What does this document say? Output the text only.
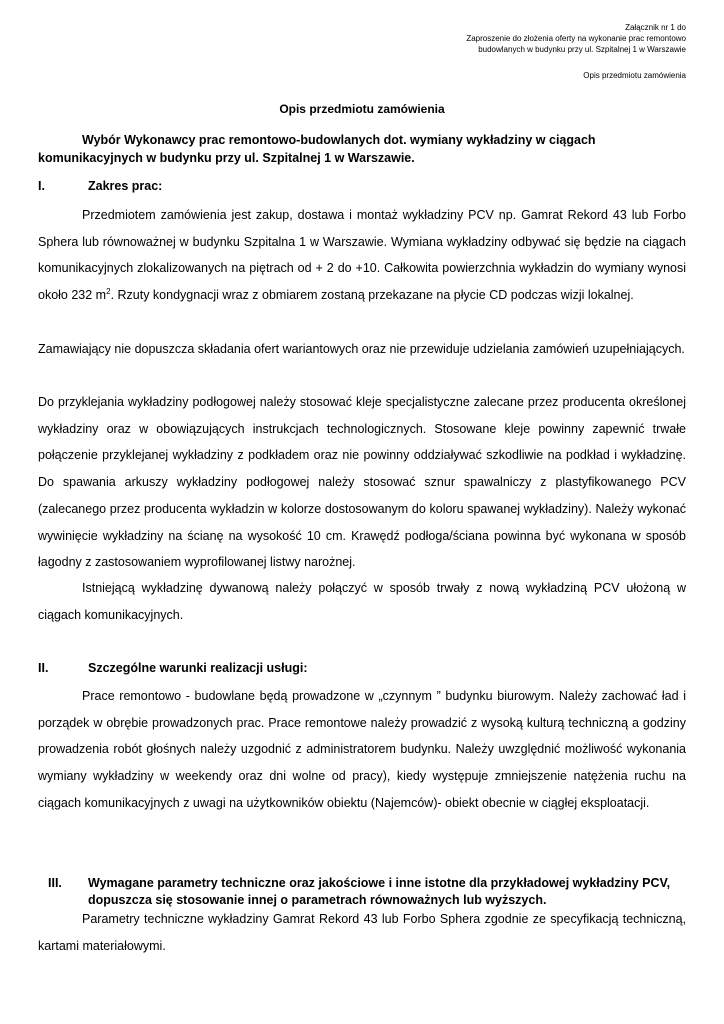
Załącznik nr 1 do
Zaproszenie do złożenia oferty na wykonanie prac remontowo
budowlanych w budynku przy ul. Szpitalnej 1 w Warszawie
Opis przedmiotu zamówienia
Opis przedmiotu zamówienia
Wybór Wykonawcy prac remontowo-budowlanych dot. wymiany wykładziny w ciągach komunikacyjnych w budynku przy ul. Szpitalnej 1 w Warszawie.
I.	Zakres prac:

Przedmiotem zamówienia jest zakup, dostawa i montaż wykładziny PCV np. Gamrat Rekord 43 lub Forbo Sphera lub równoważnej w budynku Szpitalna 1 w Warszawie. Wymiana wykładziny odbywać się będzie na ciągach komunikacyjnych zlokalizowanych na piętrach od + 2 do +10. Całkowita powierzchnia wykładzin do wymiany wynosi około 232 $m^2$. Rzuty kondygnacji wraz z obmiarem zostaną przekazane na płycie CD podczas wizji lokalnej.

Zamawiający nie dopuszcza składania ofert wariantowych oraz nie przewiduje udzielania zamówień uzupełniających.

Do przyklejania wykładziny podłogowej należy stosować kleje specjalistyczne zalecane przez producenta określonej wykładziny oraz w obowiązujących instrukcjach technologicznych. Stosowane kleje powinny zapewnić trwałe połączenie przyklejanej wykładziny z podkładem oraz nie powinny oddziaływać szkodliwie na podkład i wykładzinę. Do spawania arkuszy wykładziny podłogowej należy stosować sznur spawalniczy z plastyfikowanego PCV (zalecanego przez producenta wykładzin w kolorze dostosowanym do koloru spawanej wykładziny). Należy wykonać wywinięcie wykładziny na ścianę na wysokość 10 cm. Krawędź podłoga/ściana powinna być wykonana w sposób łagodny z zastosowaniem wyprofilowanej listwy narożnej.

Istniejącą wykładzinę dywanową należy połączyć w sposób trwały z nową wykładziną PCV ułożoną w ciągach komunikacyjnych.

II.	Szczególne warunki realizacji usługi:

Prace remontowo - budowlane będą prowadzone w „czynnym ” budynku biurowym. Należy zachować ład i porządek w obrębie prowadzonych prac. Prace remontowe należy prowadzić z wysoką kulturą techniczną a godziny prowadzenia robót głośnych należy uzgodnić z administratorem budynku. Należy uwzględnić możliwość wykonania wymiany wykładziny w weekendy oraz dni wolne od pracy), kiedy występuje zmniejszenie natężenia ruchu na ciągach komunikacyjnych z uwagi na użytkowników obiektu (Najemców)- obiekt obecnie w ciągłej eksploatacji.

III. Wymagane parametry techniczne oraz jakościowe i inne istotne dla przykładowej wykładziny PCV, dopuszcza się stosowanie innej o parametrach równoważnych lub wyższych.

Parametry techniczne wykładziny Gamrat Rekord 43 lub Forbo Sphera zgodnie ze specyfikacją techniczną, kartami materiałowymi.
